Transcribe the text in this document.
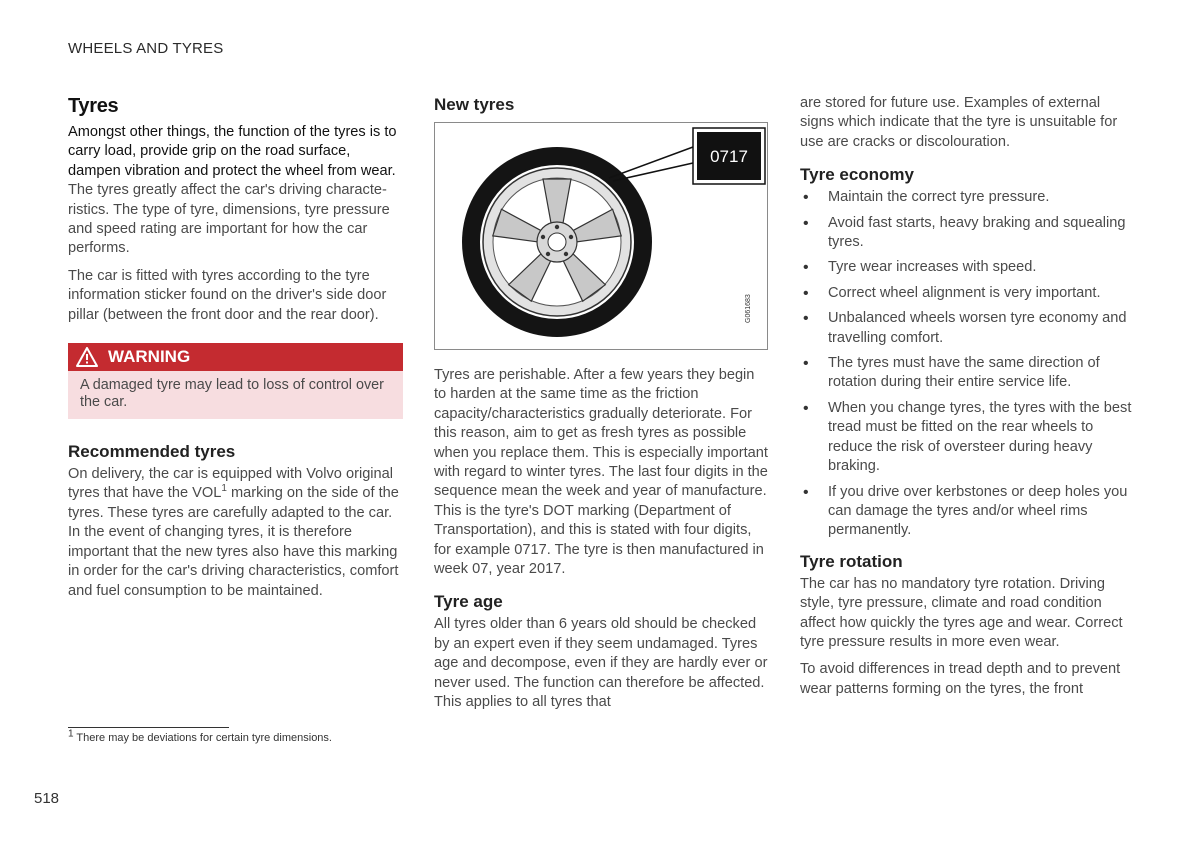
WHEELS AND TYRES
Tyres

Amongst other things, the function of the tyres is to carry load, provide grip on the road surface, dampen vibration and protect the wheel from wear.

The tyres greatly affect the car's driving characteristics. The type of tyre, dimensions, tyre pressure and speed rating are important for how the car performs.

The car is fitted with tyres according to the tyre information sticker found on the driver's side door pillar (between the front door and the rear door).

WARNING
A damaged tyre may lead to loss of control over the car.
Recommended tyres

On delivery, the car is equipped with Volvo original tyres that have the VOL$^1$ marking on the side of the tyres. These tyres are carefully adapted to the car. In the event of changing tyres, it is therefore important that the new tyres also have this marking in order for the car's driving characteristics, comfort and fuel consumption to be maintained.

New tyres
0717
G061683

Tyres are perishable. After a few years they begin to harden at the same time as the friction capacity/characteristics gradually deteriorate. For this reason, aim to get as fresh tyres as possible when you replace them. This is especially important with regard to winter tyres. The last four digits in the sequence mean the week and year of manufacture. This is the tyre's DOT marking (Department of Transportation), and this is stated with four digits, for example 0717. The tyre is then manufactured in week 07, year 2017.

Tyre age

All tyres older than 6 years old should be checked by an expert even if they seem undamaged. Tyres age and decompose, even if they are hardly ever or never used. The function can therefore be affected. This applies to all tyres that

are stored for future use. Examples of external signs which indicate that the tyre is unsuitable for use are cracks or discolouration.

Tyre economy
• Maintain the correct tyre pressure.
• Avoid fast starts, heavy braking and squealing tyres.
• Tyre wear increases with speed.
• Correct wheel alignment is very important.
• Unbalanced wheels worsen tyre economy and travelling comfort.
• The tyres must have the same direction of rotation during their entire service life.
• When you change tyres, the tyres with the best tread must be fitted on the rear wheels to reduce the risk of oversteer during heavy braking.
• If you drive over kerbstones or deep holes you can damage the tyres and/or wheel rims permanently.
Tyre rotation

The car has no mandatory tyre rotation. Driving style, tyre pressure, climate and road condition affect how quickly the tyres age and wear. Correct tyre pressure results in more even wear.

To avoid differences in tread depth and to prevent wear patterns forming on the tyres, the front

$^1$ There may be deviations for certain tyre dimensions.
518
